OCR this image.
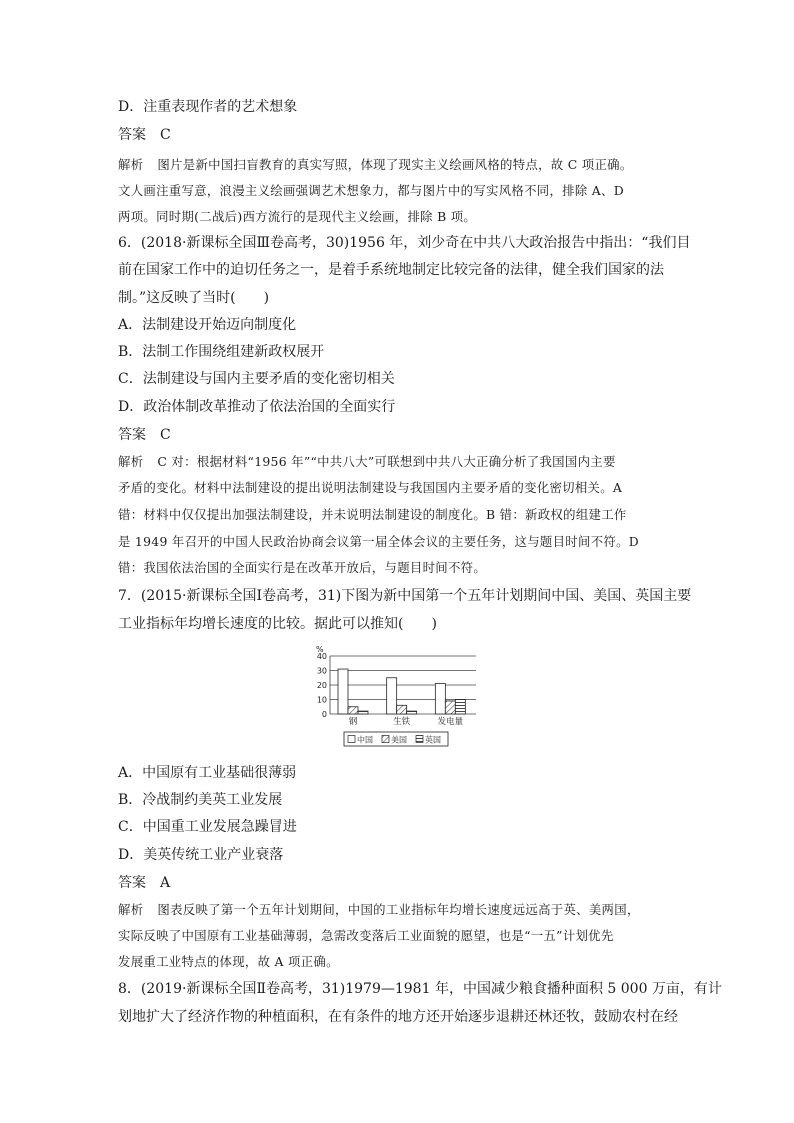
D．注重表现作者的艺术想象
答案 C
解析 图片是新中国扫盲教育的真实写照，体现了现实主义绘画风格的特点，故 C 项正确。
文人画注重写意，浪漫主义绘画强调艺术想象力，都与图片中的写实风格不同，排除 A、D
两项。同时期(二战后)西方流行的是现代主义绘画，排除 B 项。
6．(2018·新课标全国Ⅲ卷高考，30)1956 年，刘少奇在中共八大政治报告中指出：“我们目
前在国家工作中的迫切任务之一，是着手系统地制定比较完备的法律，健全我们国家的法
制。”这反映了当时(　　)
A．法制建设开始迈向制度化
B．法制工作围绕组建新政权展开
C．法制建设与国内主要矛盾的变化密切相关
D．政治体制改革推动了依法治国的全面实行
答案 C
解析 C 对：根据材料“1956 年”“中共八大”可联想到中共八大正确分析了我国国内主要
矛盾的变化。材料中法制建设的提出说明法制建设与我国国内主要矛盾的变化密切相关。A
错：材料中仅仅提出加强法制建设，并未说明法制建设的制度化。B 错：新政权的组建工作
是 1949 年召开的中国人民政治协商会议第一届全体会议的主要任务，这与题目时间不符。D
错：我国依法治国的全面实行是在改革开放后，与题目时间不符。
7．(2015·新课标全国Ⅰ卷高考，31)下图为新中国第一个五年计划期间中国、美国、英国主要
工业指标年均增长速度的比较。据此可以推知(　　)
A．中国原有工业基础很薄弱
B．冷战制约美英工业发展
C．中国重工业发展急躁冒进
D．美英传统工业产业衰落
答案 A
解析 图表反映了第一个五年计划期间，中国的工业指标年均增长速度远远高于英、美两国，
实际反映了中国原有工业基础薄弱，急需改变落后工业面貌的愿望，也是“一五”计划优先
发展重工业特点的体现，故 A 项正确。
8．(2019·新课标全国Ⅱ卷高考，31)1979—1981 年，中国减少粮食播种面积 5 000 万亩，有计
划地扩大了经济作物的种植面积，在有条件的地方还开始逐步退耕还林还牧，鼓励农村在经
%
0
10
20
30
40
钢	生铁	发电量
中国 美国 英国
